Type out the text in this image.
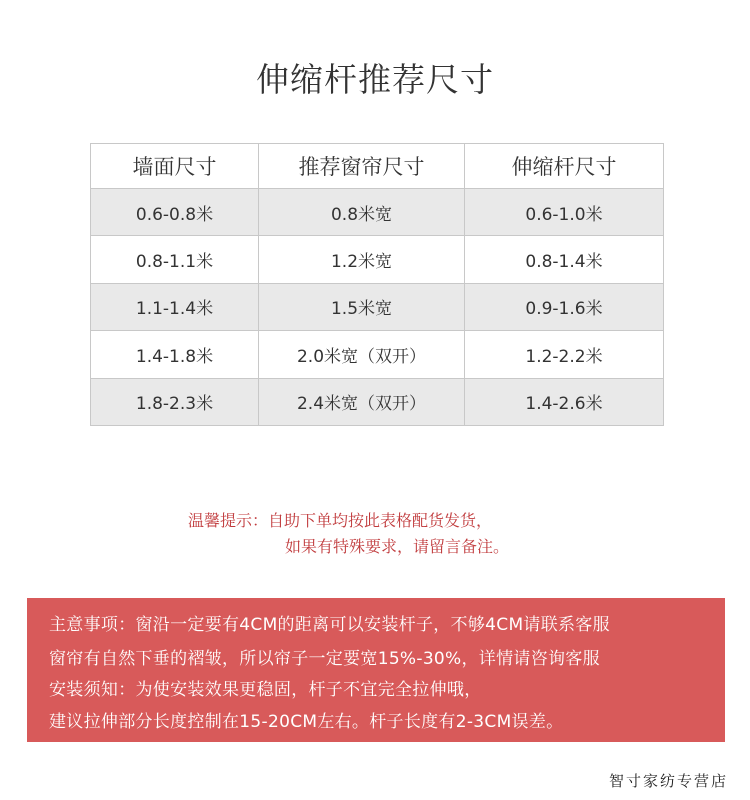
伸缩杆推荐尺寸
墙面尺寸	推荐窗帘尺寸	伸缩杆尺寸
0.6-0.8米	0.8米宽	0.6-1.0米
0.8-1.1米	1.2米宽	0.8-1.4米
1.1-1.4米	1.5米宽	0.9-1.6米
1.4-1.8米	2.0米宽（双开）	1.2-2.2米
1.8-2.3米	2.4米宽（双开）	1.4-2.6米
温馨提示：自助下单均按此表格配货发货，
如果有特殊要求，请留言备注。
主意事项：窗沿一定要有4CM的距离可以安装杆子，不够4CM请联系客服
窗帘有自然下垂的褶皱，所以帘子一定要宽15%-30%，详情请咨询客服
安装须知：为使安装效果更稳固，杆子不宜完全拉伸哦，
建议拉伸部分长度控制在15-20CM左右。杆子长度有2-3CM误差。
智寸家纺专营店
